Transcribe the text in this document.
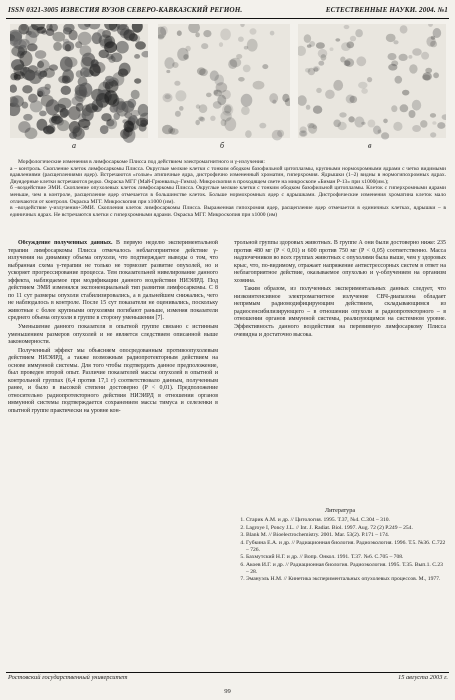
ISSN 0321-3005 ИЗВЕСТИЯ ВУЗОВ СЕВЕРО-КАВКАЗСКИЙ РЕГИОН.	ЕСТЕСТВЕННЫЕ НАУКИ. 2004. №1
а	б	в

Морфологические изменения в лимфосаркоме Плисса под действием электромагнитного и γ-излучения:

а – контроль. Скопление клеток лимфосаркомы Плисса. Округлые мелкие клетки с тонким ободком базофильной цитоплазмы, крупными нормохромными ядрами с четко видимыми вдавлениями (расщеплениями ядер). Встречаются «голые» атипичные ядра, дистрофично измененный хроматин, гиперхромия. Ядрышки (1–2) видны в нормогипохромных ядрах. Двуядерные клетки встречаются редко. Окраска МГГ (Май-Грюнвальд–Гимза). Микроскопия в проходящем свете на микроскопе «Биман Р-13» при х1000(им.);

б –воздействие ЭМИ. Скопление опухолевых клеток лимфосаркомы Плисса. Округлые мелкие клетки с тонким ободком базофильной цитоплазмы. Клеток с гиперхромными ядрами меньше, чем в контроле, расщепление ядер отмечается в большинстве клеток. Больше нормохромных ядер с ядрышками. Дистрофические изменения хроматина клеток мало отличаются от контроля. Окраска МГГ. Микроскопия при х1000 (им).

в –воздействие γ-излучения+ЭМИ. Скопления клеток лимфосаркомы Плисса. Выраженная гипохромия ядер, расщепление ядер отмечается в единичных клетках, ядрышки – в единичных ядрах. Не встречаются клетки с гиперхромными ядрами. Окраска МГГ. Микроскопия при х1000 (им)

Обсуждение полученных данных. В первую неделю экспериментальной терапии лимфосаркомы Плисса отмечалось неблагоприятное действие γ-излучения на динамику объема опухоли, что подтверждает выводы о том, что выбранная схема γ-терапии не только не тормозит развитие опухолей, но и ускоряет прогрессирование процесса. Тем показательней нивелирование данного эффекта, наблюдаемое при модификации данного воздействия НИЭИРД. Под действием ЭМИ изменялся экспоненциальный тип развития лимфосаркомы. С 8 по 11 сут размеры опухоли стабилизировались, а в дальнейшем снижались, чего не наблюдалось в контроле. После 15 сут показатели не оценивались, поскольку животные с более крупными опухолями погибают раньше, изменяя показатели среднего объема опухоли в группе в сторону уменьшения [7].

Уменьшение данного показателя в опытной группе связано с истинным уменьшением размеров опухолей и не является следствием описанной выше закономерности.

Полученный эффект мы объясняем опосредованным противоопухолевым действием НИЭИРД, а также возможным радиопротекторным действием на основе иммунной системы. Для того чтобы подтвердить данное предположение, был проведен второй опыт. Различие показателей массы опухолей в опытной и контрольной группах (6,4 против 17,1 г) соответствовало данным, полученным ранее, и было в высокой степени достоверно (P < 0,01). Предположение относительно радиопротекторного действия НИЭИРД в отношении органов иммунной системы подтверждается сохранением массы тимуса и селезенки в опытной группе практически на уровне кон-

трольной группы здоровых животных. В группе А они были достоверно ниже: 235 против 480 мг (P < 0,01) и 600 против 750 мг (P < 0,05) соответственно. Масса надпочечников во всех группах животных с опухолями была выше, чем у здоровых крыс, что, по-видимому, отражает напряжение антистрессорных систем в ответ на неблагоприятное действие, оказываемое опухолью и γ-облучением на организм хозяина.

Таким образом, из полученных экспериментальных данных следует, что низкоинтенсивное электромагнитное излучение СВЧ-диапазона обладает непрямым радиомодифицирующим действием, складывающимся из радиосенсибилизирующего – в отношении опухоли и радиопротекторного – в отношении органов иммунной системы, реализующимся на системном уровне. Эффективность данного воздействия на перевивную лимфосаркому Плисса очевидна и достаточно высока.

Литература
1. Старик А.М. и др. // Цитология. 1995. Т.37, №4. С.304 – 310.
2. Lagroye I, Poncy J.L. // Int. J. Radiat. Biol. 1997. Aug. 72 (2) P.249 – 254.
3. Blank M. // Bioelectrochemistry. 2001. Mar. 53(2). P.171 – 174.
4. Губкина Е.А. и др. // Радиационная биология. Радиоэкология. 1996. Т.5. №36. С.722 – 726.
5. Бахмутский Н.Г. и др. // Вопр. Онкол. 1991. Т.37. №6. С.705 – 708.
6. Акоев И.Г. и др. // Радиационная биология. Радиоэкология. 1995. Т.35. Вып.1. С.23 – 28.
7. Эмануэль Н.М. // Кинетика экспериментальных опухолевых процессов. М., 1977.
Ростовский государственный университет	15 августа 2003 г.
99
